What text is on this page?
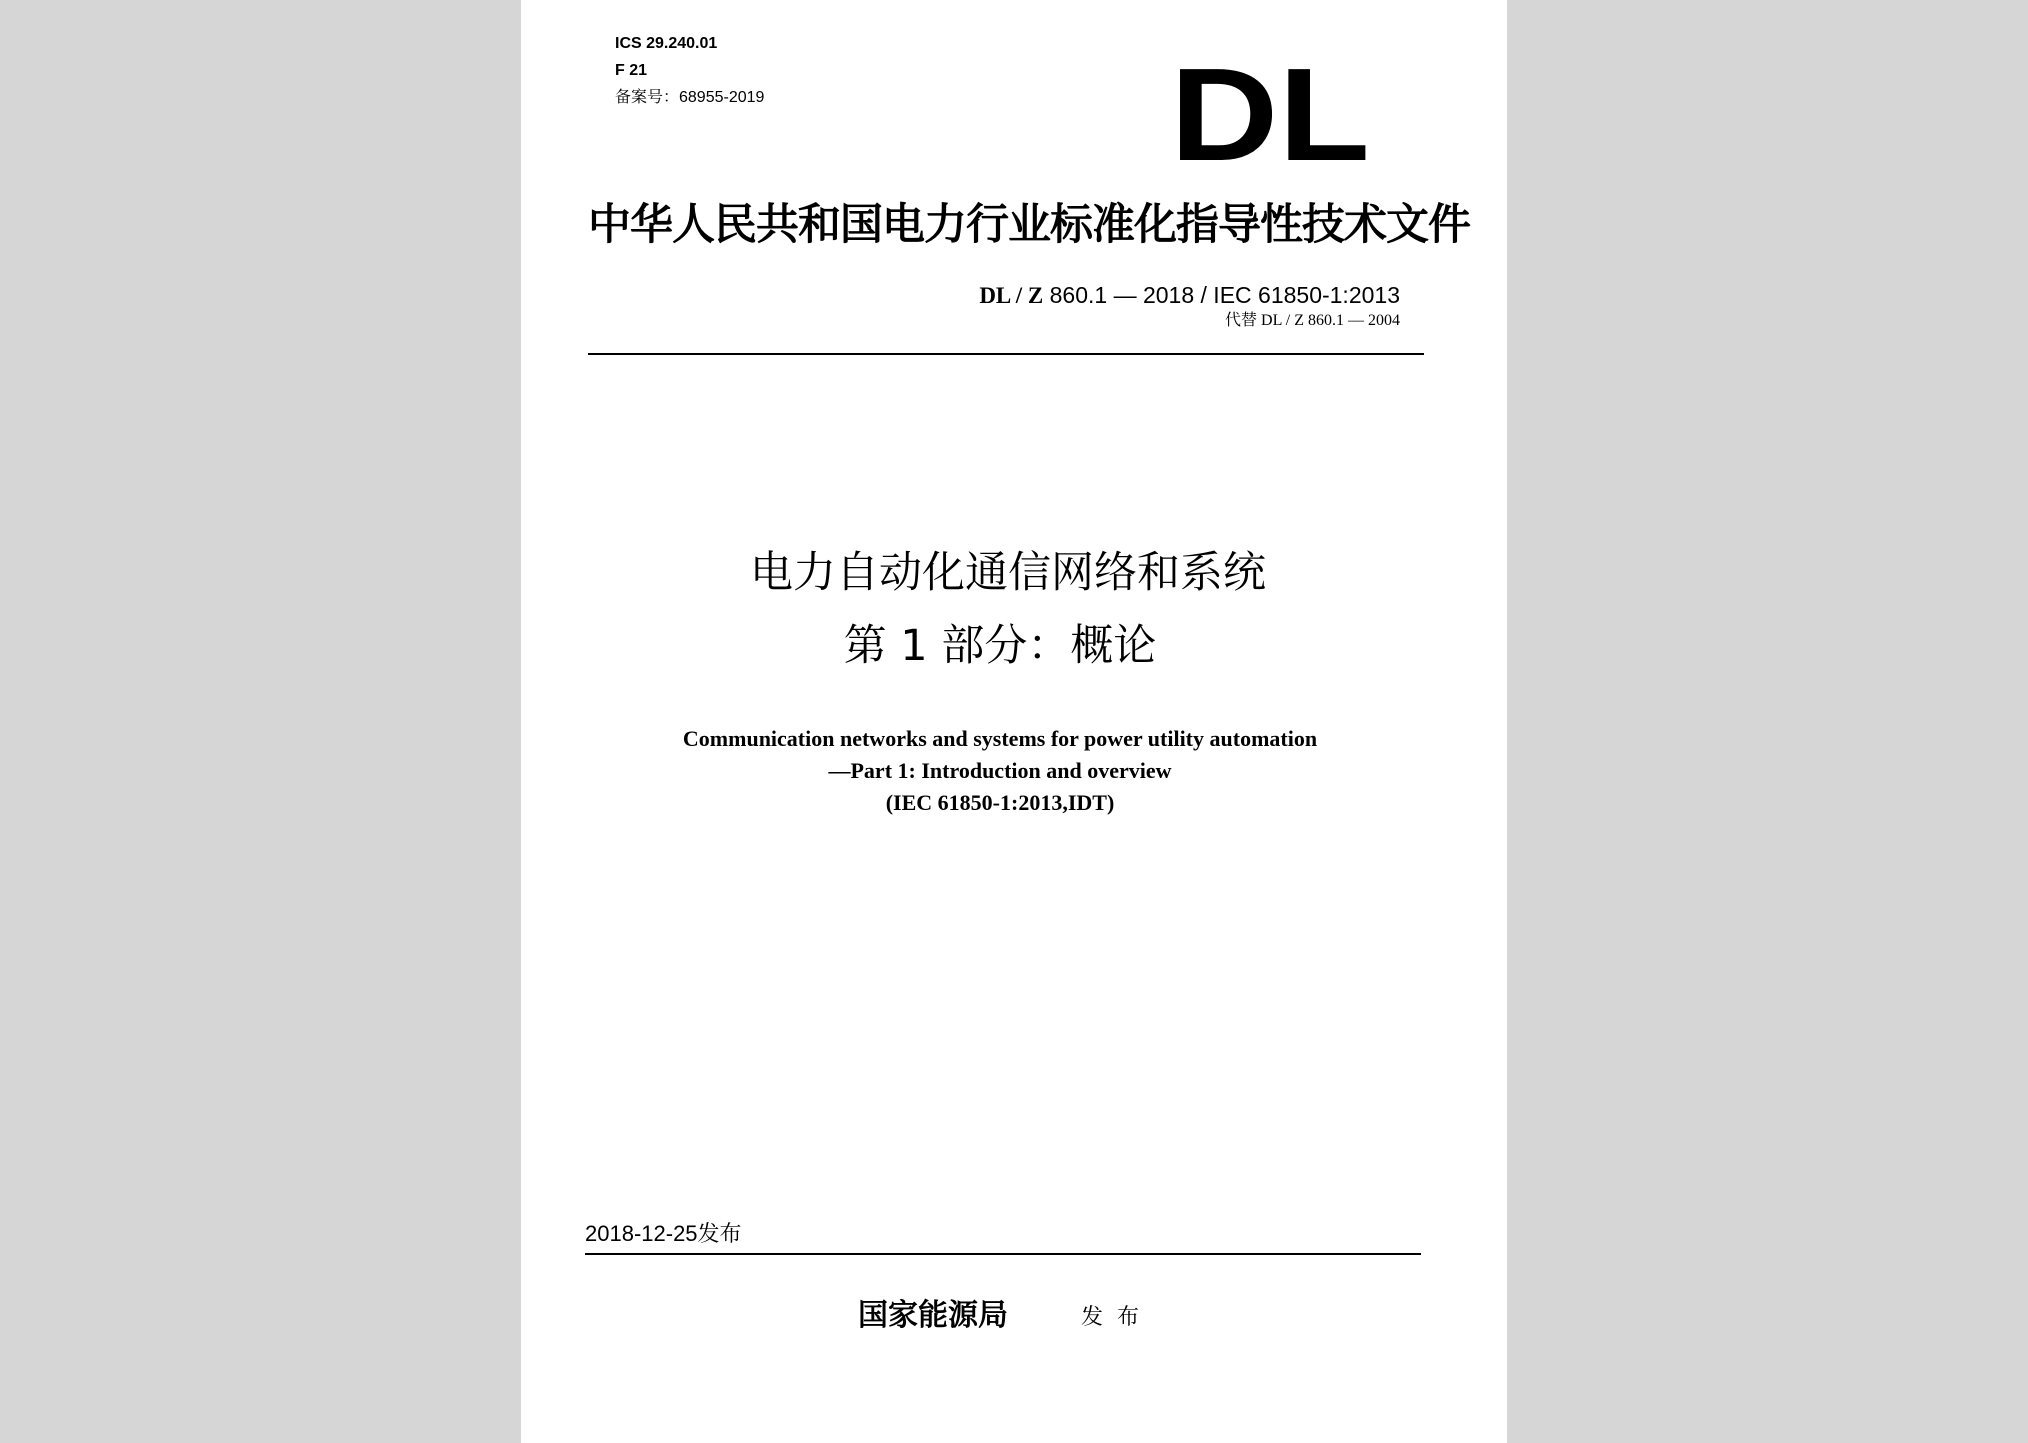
ICS 29.240.01
F 21
备案号：68955-2019	DL
中华人民共和国电力行业标准化指导性技术文件
DL / Z 860.1 — 2018 / IEC 61850-1:2013
代替 DL / Z 860.1 — 2004
电力自动化通信网络和系统
第 1 部分：概论
Communication networks and systems for power utility automation
—Part 1: Introduction and overview
(IEC 61850-1:2013,IDT)
2018-12-25发布
国家能源局	发布
